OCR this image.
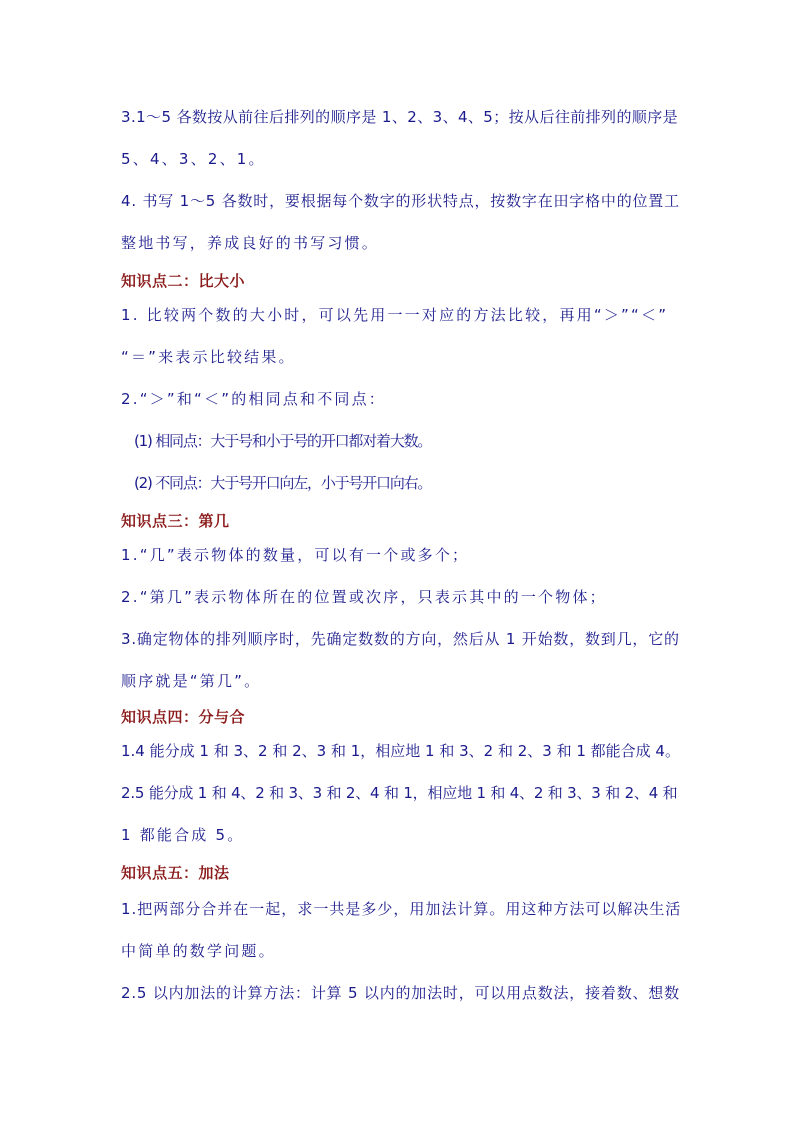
3.1～5 各数按从前往后排列的顺序是 1、2、3、4、5；按从后往前排列的顺序是
5、4、3、2、1。
4. 书写 1～5 各数时，要根据每个数字的形状特点，按数字在田字格中的位置工
整地书写，养成良好的书写习惯。
知识点二：比大小
1. 比较两个数的大小时，可以先用一一对应的方法比较，再用“＞”“＜”
“＝”来表示比较结果。
2.“＞”和“＜”的相同点和不同点：
(1) 相同点：大于号和小于号的开口都对着大数。
(2) 不同点：大于号开口向左，小于号开口向右。
知识点三：第几
1.“几”表示物体的数量，可以有一个或多个；
2.“第几”表示物体所在的位置或次序，只表示其中的一个物体；
3.确定物体的排列顺序时，先确定数数的方向，然后从 1 开始数，数到几，它的
顺序就是“第几”。
知识点四：分与合
1.4 能分成 1 和 3、2 和 2、3 和 1，相应地 1 和 3、2 和 2、3 和 1 都能合成 4。
2.5 能分成 1 和 4、2 和 3、3 和 2、4 和 1，相应地 1 和 4、2 和 3、3 和 2、4 和
1 都能合成 5。
知识点五：加法
1.把两部分合并在一起，求一共是多少，用加法计算。用这种方法可以解决生活
中简单的数学问题。
2.5 以内加法的计算方法：计算 5 以内的加法时，可以用点数法，接着数、想数
